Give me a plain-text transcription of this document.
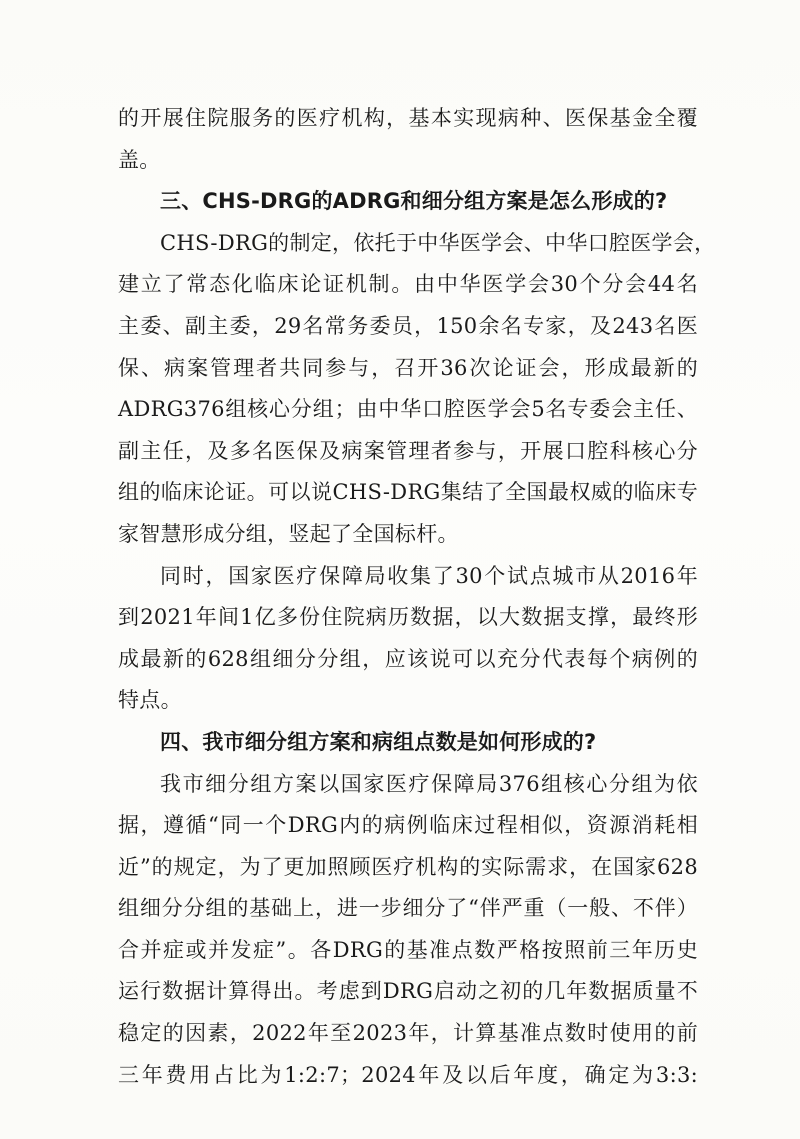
的开展住院服务的医疗机构，基本实现病种、医保基金全覆
盖。
三、CHS-DRG的ADRG和细分组方案是怎么形成的?
CHS-DRG的制定，依托于中华医学会、中华口腔医学会，
建立了常态化临床论证机制。由中华医学会30个分会44名
主委、副主委，29名常务委员，150余名专家，及243名医
保、病案管理者共同参与，召开36次论证会，形成最新的
ADRG376组核心分组；由中华口腔医学会5名专委会主任、
副主任，及多名医保及病案管理者参与，开展口腔科核心分
组的临床论证。可以说CHS-DRG集结了全国最权威的临床专
家智慧形成分组，竖起了全国标杆。
同时，国家医疗保障局收集了30个试点城市从2016年
到2021年间1亿多份住院病历数据，以大数据支撑，最终形
成最新的628组细分分组，应该说可以充分代表每个病例的
特点。
四、我市细分组方案和病组点数是如何形成的?
我市细分组方案以国家医疗保障局376组核心分组为依
据，遵循“同一个DRG内的病例临床过程相似，资源消耗相
近”的规定，为了更加照顾医疗机构的实际需求，在国家628
组细分分组的基础上，进一步细分了“伴严重（一般、不伴）
合并症或并发症”。各DRG的基准点数严格按照前三年历史
运行数据计算得出。考虑到DRG启动之初的几年数据质量不
稳定的因素，2022年至2023年，计算基准点数时使用的前
三年费用占比为1:2:7；2024年及以后年度，确定为3:3:
